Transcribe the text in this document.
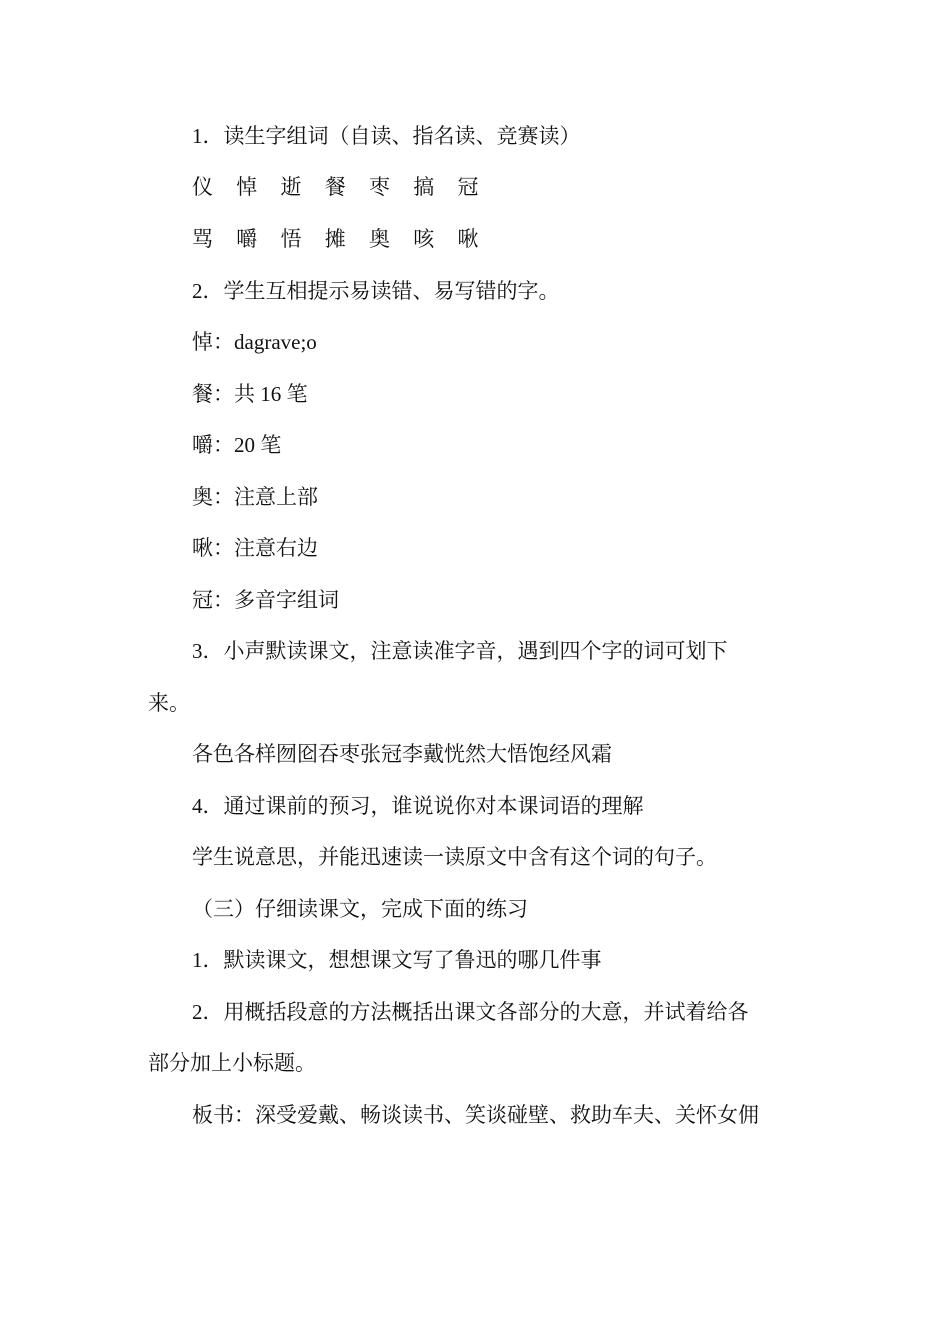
1．读生字组词（自读、指名读、竞赛读）
仪 悼 逝 餐 枣 搞 冠
骂 嚼 悟 摊 奥 咳 啾
2．学生互相提示易读错、易写错的字。
悼：dagrave;o
餐：共 16 笔
嚼：20 笔
奥：注意上部
啾：注意右边
冠：多音字组词
3．小声默读课文，注意读准字音，遇到四个字的词可划下
来。
各色各样囫囵吞枣张冠李戴恍然大悟饱经风霜
4．通过课前的预习，谁说说你对本课词语的理解
学生说意思，并能迅速读一读原文中含有这个词的句子。
（三）仔细读课文，完成下面的练习
1．默读课文，想想课文写了鲁迅的哪几件事
2．用概括段意的方法概括出课文各部分的大意，并试着给各
部分加上小标题。
板书：深受爱戴、畅谈读书、笑谈碰壁、救助车夫、关怀女佣
